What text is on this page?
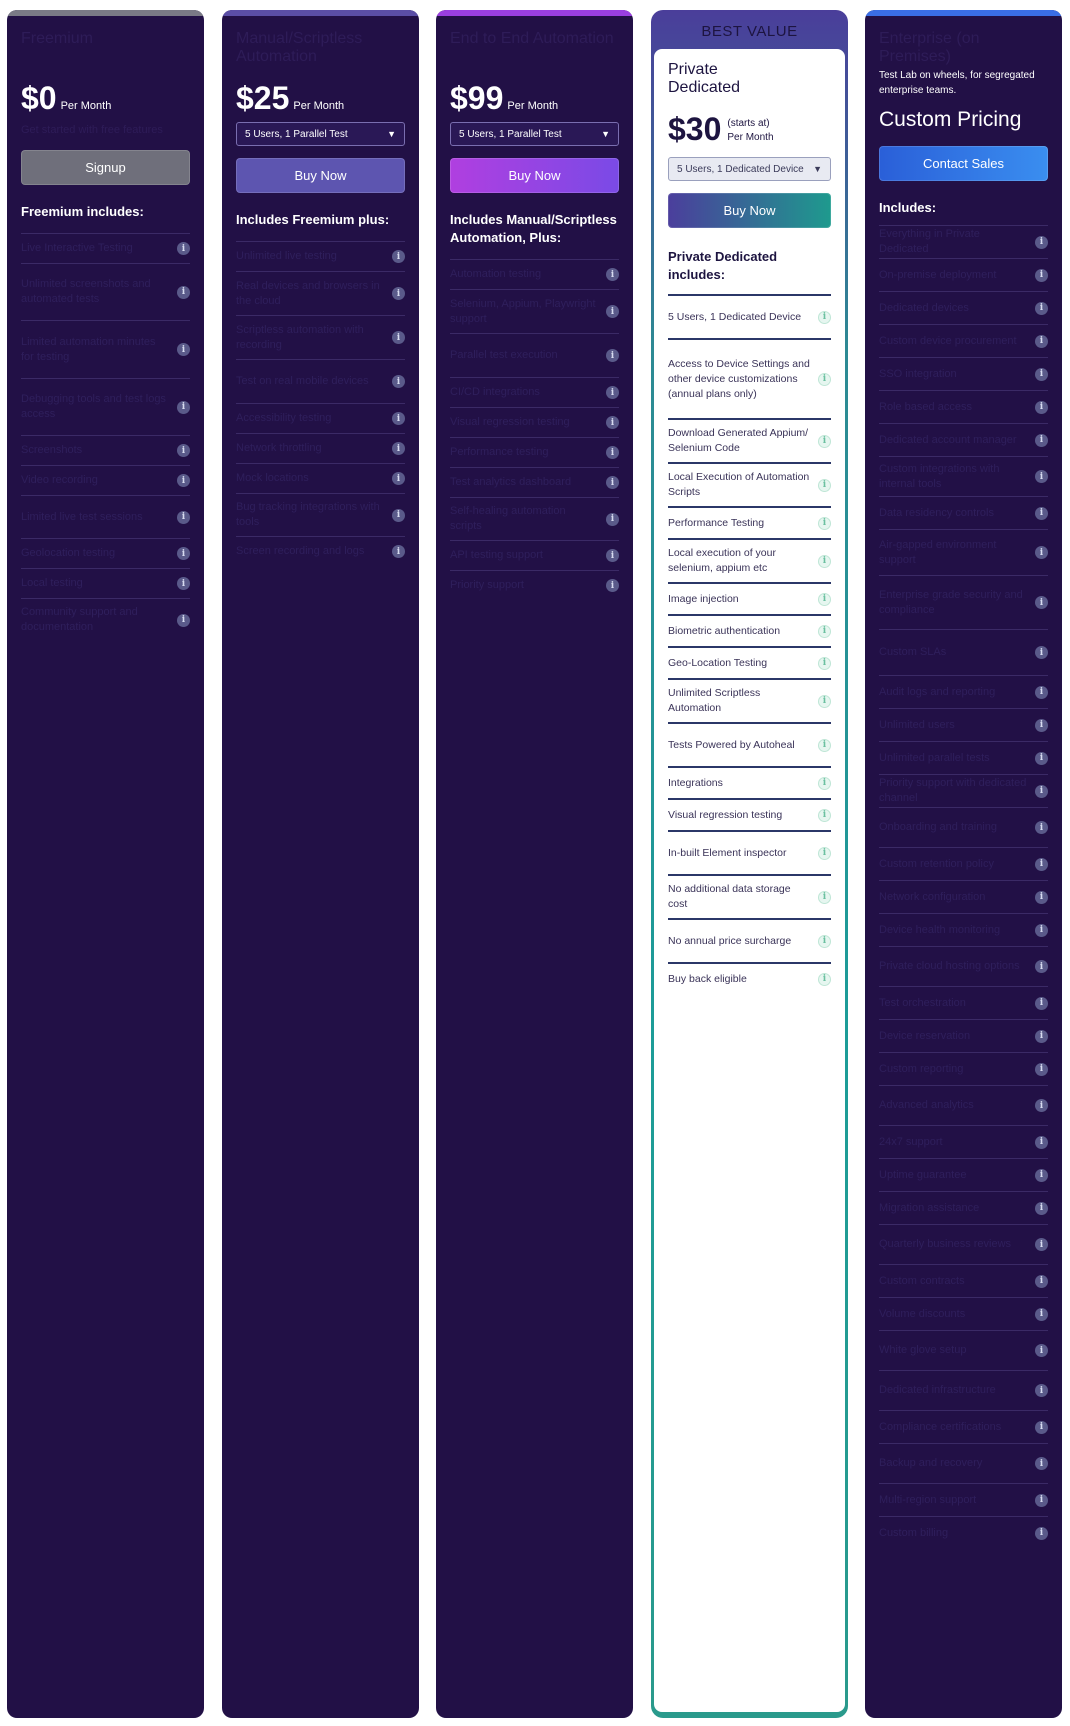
Freemium
$0 Per Month
Get started with free features
Signup
Freemium includes:
Live Interactive Testing	i
Unlimited screenshots and automated tests
i
Limited automation minutes for testing
i
Debugging tools and test logs access
i
Screenshots	i
Video recording	i
Limited live test sessions	i
Geolocation testing	i
Local testing	i
Community support and documentation
i
Manual/Scriptless Automation
$25 Per Month
5 Users, 1 Parallel Test	▼
Buy Now
Includes Freemium plus:
Unlimited live testing	i
Real devices and browsers in the cloud
i
Scriptless automation with recording
i
Test on real mobile devices	i
Accessibility testing	i
Network throttling	i
Mock locations	i
Bug tracking integrations with tools
i
Screen recording and logs	i
End to End Automation
$99 Per Month
5 Users, 1 Parallel Test	▼
Buy Now
Includes Manual/Scriptless Automation, Plus:
Automation testing	i
Selenium, Appium, Playwright support
i
Parallel test execution	i
CI/CD integrations	i
Visual regression testing	i
Performance testing	i
Test analytics dashboard	i
Self-healing automation scripts
i
API testing support	i
Priority support	i
BEST VALUE
Private Dedicated
$30 (starts at)
Per Month
5 Users, 1 Dedicated Device	▼
Buy Now
Private Dedicated includes:
5 Users, 1 Dedicated Device	i
Access to Device Settings and other device customizations (annual plans only)
i
Download Generated Appium/ Selenium Code
i
Local Execution of Automation Scripts
i
Performance Testing	i
Local execution of your selenium, appium etc
i
Image injection	i
Biometric authentication	i
Geo-Location Testing	i
Unlimited Scriptless Automation
i
Tests Powered by Autoheal	i
Integrations	i
Visual regression testing	i
In-built Element inspector	i
No additional data storage cost
i
No annual price surcharge	i
Buy back eligible	i
Enterprise (on Premises)
Test Lab on wheels, for segregated enterprise teams.
Custom Pricing
Contact Sales
Includes:
Everything in Private Dedicated
i
On-premise deployment	i
Dedicated devices	i
Custom device procurement	i
SSO integration	i
Role based access	i
Dedicated account manager	i
Custom integrations with internal tools
i
Data residency controls	i
Air-gapped environment support
i
Enterprise grade security and compliance
i
Custom SLAs	i
Audit logs and reporting	i
Unlimited users	i
Unlimited parallel tests	i
Priority support with dedicated channel
i
Onboarding and training	i
Custom retention policy	i
Network configuration	i
Device health monitoring	i
Private cloud hosting options	i
Test orchestration	i
Device reservation	i
Custom reporting	i
Advanced analytics	i
24x7 support	i
Uptime guarantee	i
Migration assistance	i
Quarterly business reviews	i
Custom contracts	i
Volume discounts	i
White glove setup	i
Dedicated infrastructure	i
Compliance certifications	i
Backup and recovery	i
Multi-region support	i
Custom billing	i
